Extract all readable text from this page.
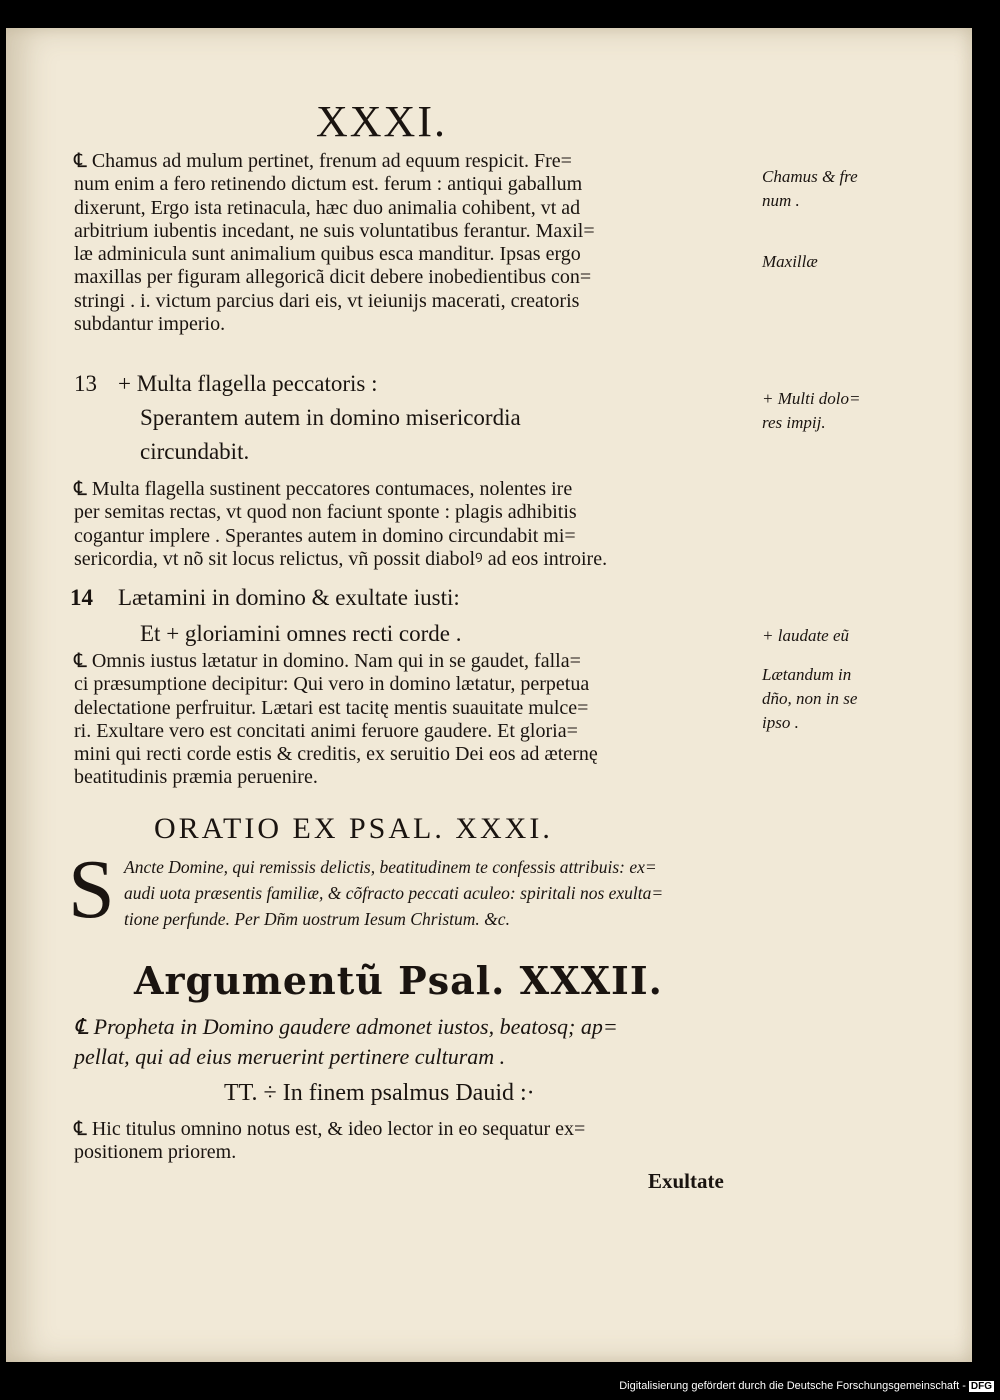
XXXI.
℄ Chamus ad mulum pertinet, frenum ad equum respicit. Fre=
num enim a fero retinendo dictum est. ferum : antiqui gaballum
dixerunt, Ergo ista retinacula, hæc duo animalia cohibent, vt ad
arbitrium iubentis incedant, ne suis voluntatibus ferantur. Maxil=
læ adminicula sunt animalium quibus esca manditur. Ipsas ergo
maxillas per figuram allegoricã dicit debere inobedientibus con=
stringi . i. victum parcius dari eis, vt ieiunijs macerati, creatoris
subdantur imperio.
13 + Multa flagella peccatoris :
Sperantem autem in domino misericordia
circundabit.
℄ Multa flagella sustinent peccatores contumaces, nolentes ire
per semitas rectas, vt quod non faciunt sponte : plagis adhibitis
cogantur implere . Sperantes autem in domino circundabit mi=
sericordia, vt nõ sit locus relictus, vñ possit diabolꝰ ad eos introire.
14 Lætamini in domino & exultate iusti:
Et + gloriamini omnes recti corde .
℄ Omnis iustus lætatur in domino. Nam qui in se gaudet, falla=
ci præsumptione decipitur: Qui vero in domino lætatur, perpetua
delectatione perfruitur. Lætari est tacitę mentis suauitate mulce=
ri. Exultare vero est concitati animi feruore gaudere. Et gloria=
mini qui recti corde estis & creditis, ex seruitio Dei eos ad æternę
beatitudinis præmia peruenire.
ORATIO EX PSAL. XXXI.
S Ancte Domine, qui remissis delictis, beatitudinem te confessis attribuis: ex=
audi uota præsentis familiæ, & cõfracto peccati aculeo: spiritali nos exulta=
tione perfunde. Per Dñm uostrum Iesum Christum. &c.
Argumentũ Psal. XXXII.
℄ Propheta in Domino gaudere admonet iustos, beatosq; ap=
pellat, qui ad eius meruerint pertinere culturam .
TT. ÷ In finem psalmus Dauid :·
℄ Hic titulus omnino notus est, & ideo lector in eo sequatur ex=
positionem priorem.
Exultate
Chamus & fre
num .
Maxillæ
+ Multi dolo=
res impij.
+ laudate eũ
Lætandum in
dño, non in se
ipso .
Digitalisierung gefördert durch die Deutsche Forschungsgemeinschaft - DFG
